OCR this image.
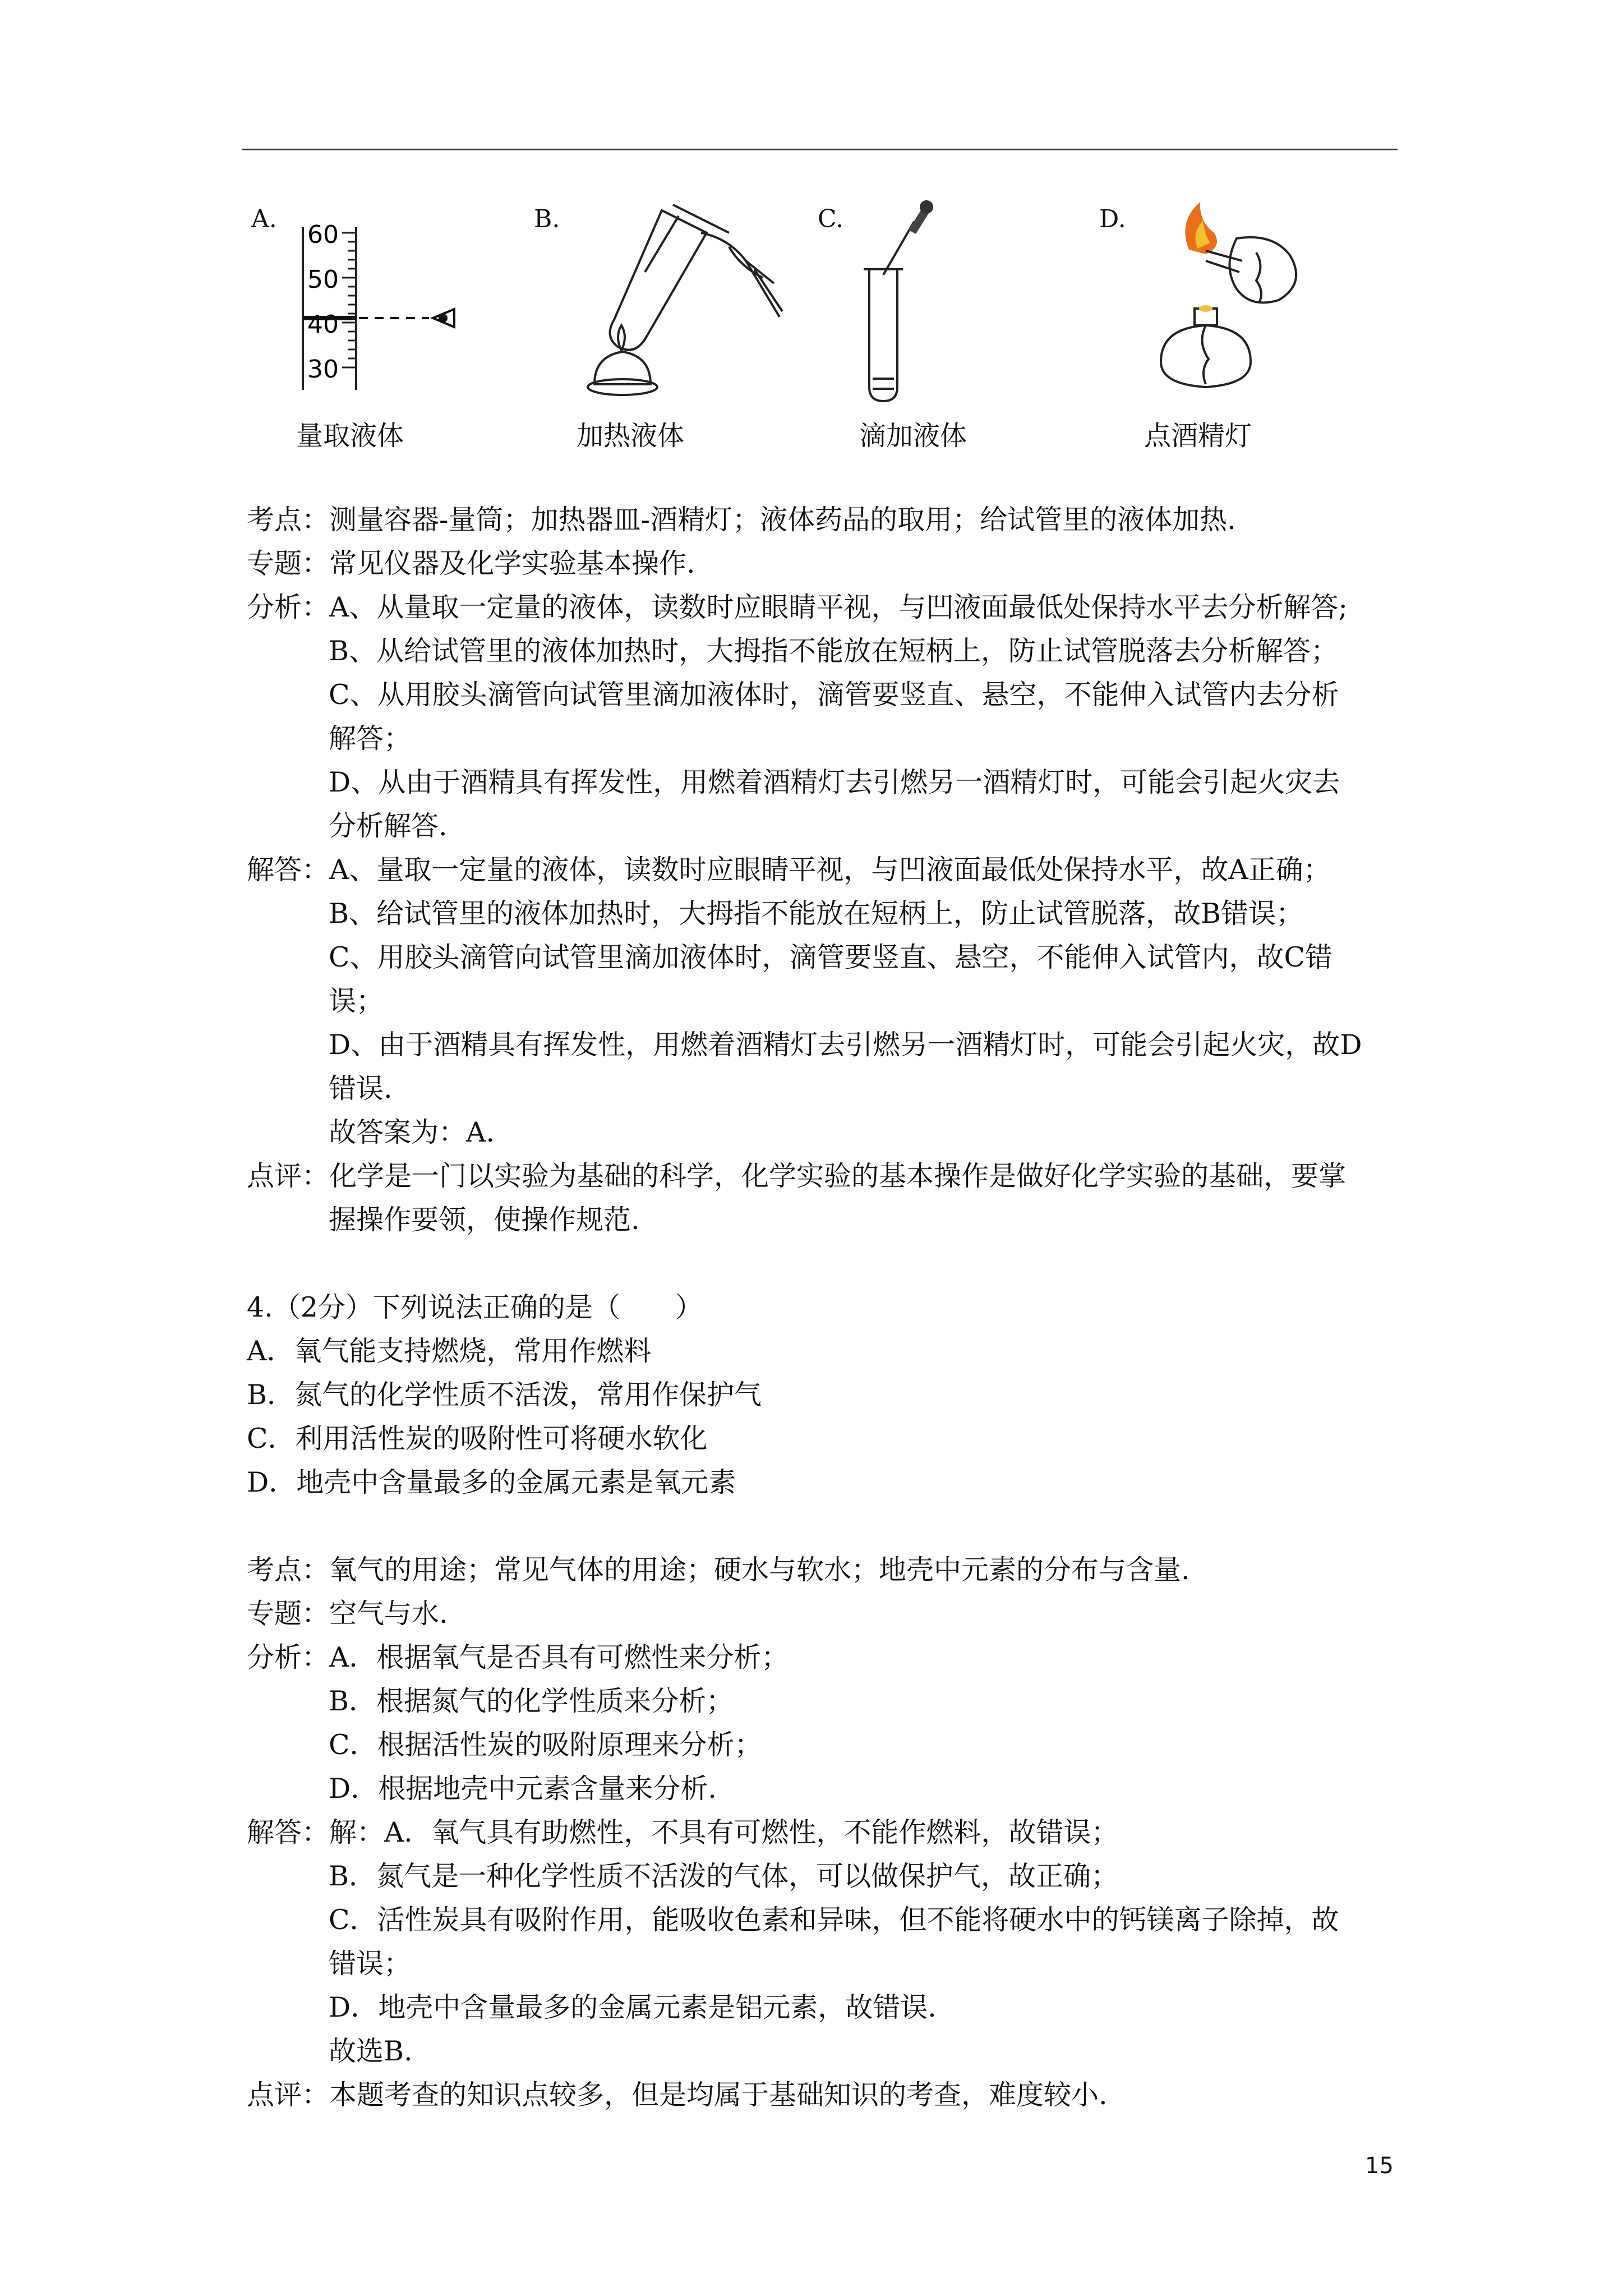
A.
60
50
40
30
量取液体
B.
加热液体
C.
滴加液体
D.
点酒精灯
考点：测量容器-量筒；加热器皿-酒精灯；液体药品的取用；给试管里的液体加热.
专题：常见仪器及化学实验基本操作.
分析：A、从量取一定量的液体，读数时应眼睛平视，与凹液面最低处保持水平去分析解答;
B、从给试管里的液体加热时，大拇指不能放在短柄上，防止试管脱落去分析解答；
C、从用胶头滴管向试管里滴加液体时，滴管要竖直、悬空，不能伸入试管内去分析
解答；
D、从由于酒精具有挥发性，用燃着酒精灯去引燃另一酒精灯时，可能会引起火灾去
分析解答.
解答：A、量取一定量的液体，读数时应眼睛平视，与凹液面最低处保持水平，故A正确；
B、给试管里的液体加热时，大拇指不能放在短柄上，防止试管脱落，故B错误；
C、用胶头滴管向试管里滴加液体时，滴管要竖直、悬空，不能伸入试管内，故C错
误；
D、由于酒精具有挥发性，用燃着酒精灯去引燃另一酒精灯时，可能会引起火灾，故D
错误.
故答案为：A.
点评：化学是一门以实验为基础的科学，化学实验的基本操作是做好化学实验的基础，要掌
握操作要领，使操作规范.
4.（2分）下列说法正确的是（　　）
A．氧气能支持燃烧，常用作燃料
B．氮气的化学性质不活泼，常用作保护气
C．利用活性炭的吸附性可将硬水软化
D．地壳中含量最多的金属元素是氧元素
考点：氧气的用途；常见气体的用途；硬水与软水；地壳中元素的分布与含量.
专题：空气与水.
分析：A．根据氧气是否具有可燃性来分析；
B．根据氮气的化学性质来分析；
C．根据活性炭的吸附原理来分析；
D．根据地壳中元素含量来分析.
解答：解：A．氧气具有助燃性，不具有可燃性，不能作燃料，故错误；
B．氮气是一种化学性质不活泼的气体，可以做保护气，故正确；
C．活性炭具有吸附作用，能吸收色素和异味，但不能将硬水中的钙镁离子除掉，故
错误；
D．地壳中含量最多的金属元素是铝元素，故错误.
故选B.
点评：本题考查的知识点较多，但是均属于基础知识的考查，难度较小.
15
